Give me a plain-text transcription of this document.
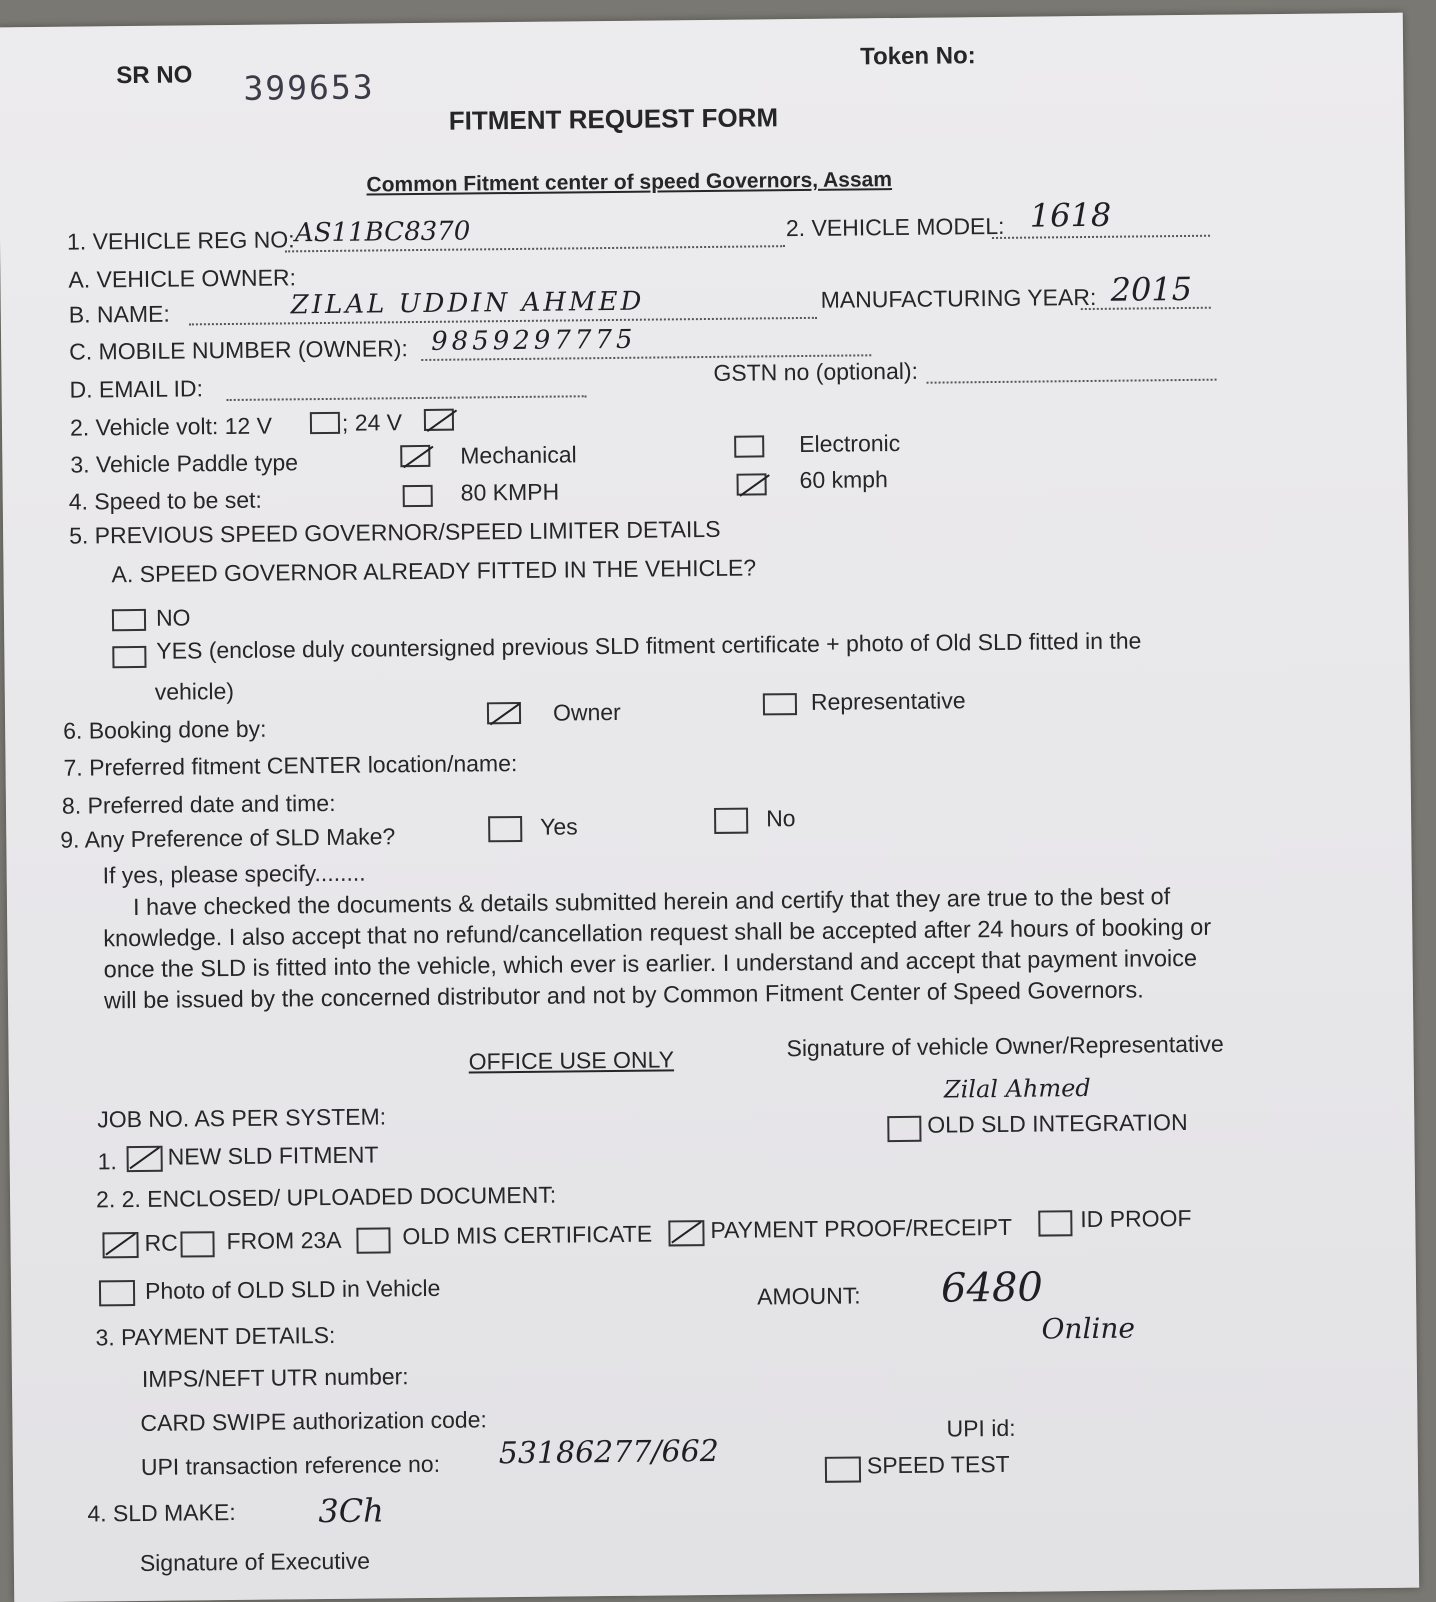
SR NO 399653
Token No:
FITMENT REQUEST FORM
Common Fitment center of speed Governors, Assam
1. VEHICLE REG NO: AS11BC8370	2. VEHICLE MODEL: 1618
A. VEHICLE OWNER:
B. NAME:	ZILAL UDDIN AHMED	MANUFACTURING YEAR: 2015
C. MOBILE NUMBER (OWNER): 9859297775
D. EMAIL ID:
GSTN no (optional):
2. Vehicle volt: 12 V	; 24 V
3. Vehicle Paddle type	Mechanical	Electronic
4. Speed to be set:	80 KMPH	60 kmph
5. PREVIOUS SPEED GOVERNOR/SPEED LIMITER DETAILS
A. SPEED GOVERNOR ALREADY FITTED IN THE VEHICLE?
NO
YES (enclose duly countersigned previous SLD fitment certificate + photo of Old SLD fitted in the
vehicle)
6. Booking done by:
Owner	Representative
7. Preferred fitment CENTER location/name:
8. Preferred date and time:
9. Any Preference of SLD Make?	Yes	No
If yes, please specify........
I have checked the documents & details submitted herein and certify that they are true to the best of
knowledge. I also accept that no refund/cancellation request shall be accepted after 24 hours of booking or
once the SLD is fitted into the vehicle, which ever is earlier. I understand and accept that payment invoice
will be issued by the concerned distributor and not by Common Fitment Center of Speed Governors.
OFFICE USE ONLY	Signature of vehicle Owner/Representative
Zilal Ahmed
JOB NO. AS PER SYSTEM:
1. NEW SLD FITMENT
OLD SLD INTEGRATION
2. 2. ENCLOSED/ UPLOADED DOCUMENT:
RC FROM 23A	OLD MIS CERTIFICATE	PAYMENT PROOF/RECEIPT	ID PROOF
Photo of OLD SLD in Vehicle	AMOUNT: 6480
Online
3. PAYMENT DETAILS:
IMPS/NEFT UTR number:
CARD SWIPE authorization code:	UPI id:
UPI transaction reference no: 53186277/662	SPEED TEST
4. SLD MAKE:	3Ch
Signature of Executive
